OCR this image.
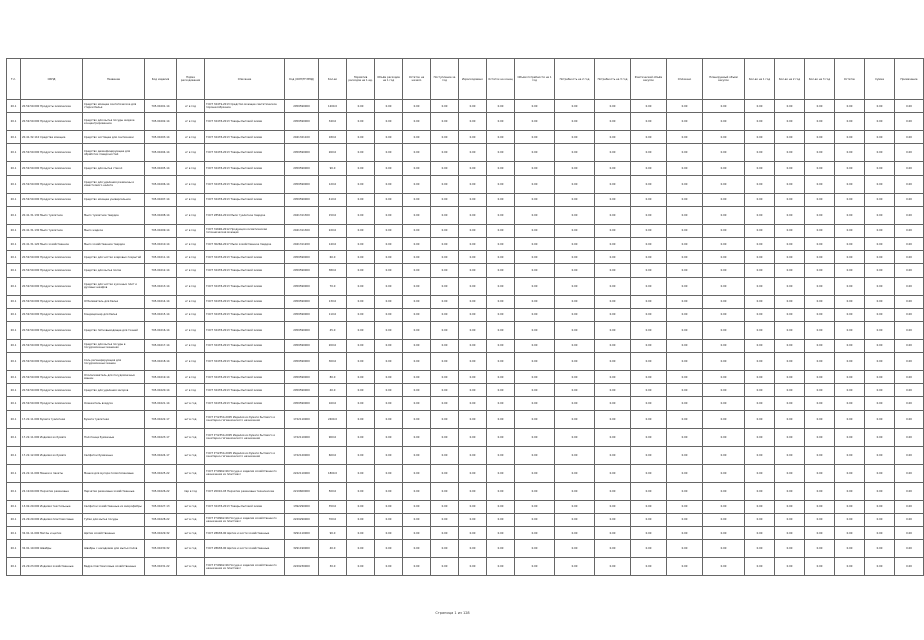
Т.п.	ОКПД	Название	Код изделия	Норма расходования	Описание	Код (ОКП/ТН ВЭД)	Кол-во	Норматив расходов на 1 ед.	Объём расходов на 1 год	Остаток на начало	Поступление за год	Израсходовано	Остаток на конец	Объём потребности на 1 год	Потребность на 2 год	Потребность на 3 год	Фактический объём закупок	Оплачено	Планируемый объём закупок	Кол-во на 1 год	Кол-во на 2 год	Кол-во на 3 год	Остаток	Сумма	Примечание
20.1	20.59.59.000 Продукты химические	Средство моющее синтетическое для стирки белья	705.01001.14	кг в год	ГОСТ 32479-2013 Средство моющее синтетическое порошкообразное	2059590000	1200.0	0.00	0.00	0.00	0.00	0.00	0.00	0.00	0.00	0.00	0.00	0.00	0.00	0.00	0.00	0.00	0.00	0.00	0.00
20.1	20.59.59.000 Продукты химические	Средство для мытья посуды жидкое концентрированное	705.01002.14	кг в год	ГОСТ 32478-2013 Товары бытовой химии	2059590000	340.0	0.00	0.00	0.00	0.00	0.00	0.00	0.00	0.00	0.00	0.00	0.00	0.00	0.00	0.00	0.00	0.00	0.00	0.00
20.1	20.41.32.110 Средства моющие	Средство чистящее для сантехники	705.01003.14	кг в год	ГОСТ 32478-2013 Товары бытовой химии	2041321100	180.0	0.00	0.00	0.00	0.00	0.00	0.00	0.00	0.00	0.00	0.00	0.00	0.00	0.00	0.00	0.00	0.00	0.00	0.00
20.1	20.59.59.000 Продукты химические	Средство дезинфицирующее для обработки поверхностей	705.01004.14	кг в год	ГОСТ 32478-2013 Товары бытовой химии	2059590000	260.0	0.00	0.00	0.00	0.00	0.00	0.00	0.00	0.00	0.00	0.00	0.00	0.00	0.00	0.00	0.00	0.00	0.00	0.00
20.1	20.59.59.000 Продукты химические	Средство для мытья стекол	705.01005.14	кг в год	ГОСТ 32478-2013 Товары бытовой химии	2059590000	90.0	0.00	0.00	0.00	0.00	0.00	0.00	0.00	0.00	0.00	0.00	0.00	0.00	0.00	0.00	0.00	0.00	0.00	0.00
20.1	20.59.59.000 Продукты химические	Средство для удаления ржавчины и известкового налета	705.01006.14	кг в год	ГОСТ 32478-2013 Товары бытовой химии	2059590000	120.0	0.00	0.00	0.00	0.00	0.00	0.00	0.00	0.00	0.00	0.00	0.00	0.00	0.00	0.00	0.00	0.00	0.00	0.00
20.1	20.59.59.000 Продукты химические	Средство моющее универсальное	705.01007.14	кг в год	ГОСТ 32478-2013 Товары бытовой химии	2059590000	410.0	0.00	0.00	0.00	0.00	0.00	0.00	0.00	0.00	0.00	0.00	0.00	0.00	0.00	0.00	0.00	0.00	0.00	0.00
20.1	20.41.31.130 Мыло туалетное	Мыло туалетное твердое	705.01008.14	кг в год	ГОСТ 28546-2014 Мыло туалетное твердое	2041311300	150.0	0.00	0.00	0.00	0.00	0.00	0.00	0.00	0.00	0.00	0.00	0.00	0.00	0.00	0.00	0.00	0.00	0.00	0.00
20.1	20.41.31.130 Мыло туалетное	Мыло жидкое	705.01009.14	кг в год	ГОСТ 31696-2012 Продукция косметическая гигиеническая моющая	2041311300	220.0	0.00	0.00	0.00	0.00	0.00	0.00	0.00	0.00	0.00	0.00	0.00	0.00	0.00	0.00	0.00	0.00	0.00	0.00
20.1	20.41.31.120 Мыло хозяйственное	Мыло хозяйственное твердое	705.01010.14	кг в год	ГОСТ 30266-2017 Мыло хозяйственное твердое	2041311200	140.0	0.00	0.00	0.00	0.00	0.00	0.00	0.00	0.00	0.00	0.00	0.00	0.00	0.00	0.00	0.00	0.00	0.00	0.00
20.1	20.59.59.000 Продукты химические	Средство для чистки ковровых покрытий	705.01011.14	кг в год	ГОСТ 32478-2013 Товары бытовой химии	2059590000	60.0	0.00	0.00	0.00	0.00	0.00	0.00	0.00	0.00	0.00	0.00	0.00	0.00	0.00	0.00	0.00	0.00	0.00	0.00
20.1	20.59.59.000 Продукты химические	Средство для мытья полов	705.01012.14	кг в год	ГОСТ 32478-2013 Товары бытовой химии	2059590000	380.0	0.00	0.00	0.00	0.00	0.00	0.00	0.00	0.00	0.00	0.00	0.00	0.00	0.00	0.00	0.00	0.00	0.00	0.00
20.1	20.59.59.000 Продукты химические	Средство для чистки кухонных плит и духовых шкафов	705.01013.14	кг в год	ГОСТ 32478-2013 Товары бытовой химии	2059590000	70.0	0.00	0.00	0.00	0.00	0.00	0.00	0.00	0.00	0.00	0.00	0.00	0.00	0.00	0.00	0.00	0.00	0.00	0.00
20.1	20.59.59.000 Продукты химические	Отбеливатель для белья	705.01014.14	кг в год	ГОСТ 32478-2013 Товары бытовой химии	2059590000	130.0	0.00	0.00	0.00	0.00	0.00	0.00	0.00	0.00	0.00	0.00	0.00	0.00	0.00	0.00	0.00	0.00	0.00	0.00
20.1	20.59.59.000 Продукты химические	Кондиционер для белья	705.01015.14	кг в год	ГОСТ 32478-2013 Товары бытовой химии	2059590000	110.0	0.00	0.00	0.00	0.00	0.00	0.00	0.00	0.00	0.00	0.00	0.00	0.00	0.00	0.00	0.00	0.00	0.00	0.00
20.1	20.59.59.000 Продукты химические	Средство пятновыводящее для тканей	705.01016.14	кг в год	ГОСТ 32478-2013 Товары бытовой химии	2059590000	45.0	0.00	0.00	0.00	0.00	0.00	0.00	0.00	0.00	0.00	0.00	0.00	0.00	0.00	0.00	0.00	0.00	0.00	0.00
20.1	20.59.59.000 Продукты химические	Средство для мытья посуды в посудомоечных машинах	705.01017.14	кг в год	ГОСТ 32478-2013 Товары бытовой химии	2059590000	200.0	0.00	0.00	0.00	0.00	0.00	0.00	0.00	0.00	0.00	0.00	0.00	0.00	0.00	0.00	0.00	0.00	0.00	0.00
20.1	20.59.59.000 Продукты химические	Соль регенерирующая для посудомоечных машин	705.01018.14	кг в год	ГОСТ 32478-2013 Товары бытовой химии	2059590000	300.0	0.00	0.00	0.00	0.00	0.00	0.00	0.00	0.00	0.00	0.00	0.00	0.00	0.00	0.00	0.00	0.00	0.00	0.00
20.1	20.59.59.000 Продукты химические	Ополаскиватель для посудомоечных машин	705.01019.14	кг в год	ГОСТ 32478-2013 Товары бытовой химии	2059590000	80.0	0.00	0.00	0.00	0.00	0.00	0.00	0.00	0.00	0.00	0.00	0.00	0.00	0.00	0.00	0.00	0.00	0.00	0.00
20.1	20.59.59.000 Продукты химические	Средство для удаления засоров	705.01020.14	кг в год	ГОСТ 32478-2013 Товары бытовой химии	2059590000	40.0	0.00	0.00	0.00	0.00	0.00	0.00	0.00	0.00	0.00	0.00	0.00	0.00	0.00	0.00	0.00	0.00	0.00	0.00
20.1	20.59.59.000 Продукты химические	Освежитель воздуха	705.01021.14	шт в год	ГОСТ 32478-2013 Товары бытовой химии	2059590000	160.0	0.00	0.00	0.00	0.00	0.00	0.00	0.00	0.00	0.00	0.00	0.00	0.00	0.00	0.00	0.00	0.00	0.00	0.00
20.1	17.22.11.000 Бумага туалетная	Бумага туалетная	705.01022.17	шт в год	ГОСТ Р 52354-2005 Изделия из бумаги бытового и санитарно-гигиенического назначения	1722110000	2400.0	0.00	0.00	0.00	0.00	0.00	0.00	0.00	0.00	0.00	0.00	0.00	0.00	0.00	0.00	0.00	0.00	0.00	0.00
20.1	17.22.11.000 Изделия из бумаги	Полотенца бумажные	705.01023.17	шт в год	ГОСТ Р 52354-2005 Изделия из бумаги бытового и санитарно-гигиенического назначения	1722110000	900.0	0.00	0.00	0.00	0.00	0.00	0.00	0.00	0.00	0.00	0.00	0.00	0.00	0.00	0.00	0.00	0.00	0.00	0.00
20.1	17.22.12.000 Изделия из бумаги	Салфетки бумажные	705.01024.17	шт в год	ГОСТ Р 52354-2005 Изделия из бумаги бытового и санитарно-гигиенического назначения	1722120000	600.0	0.00	0.00	0.00	0.00	0.00	0.00	0.00	0.00	0.00	0.00	0.00	0.00	0.00	0.00	0.00	0.00	0.00	0.00
20.1	22.22.11.000 Мешки и пакеты	Мешки для мусора полиэтиленовые	705.01025.22	шт в год	ГОСТ Р 50962-96 Посуда и изделия хозяйственного назначения из пластмасс	2222110000	1800.0	0.00	0.00	0.00	0.00	0.00	0.00	0.00	0.00	0.00	0.00	0.00	0.00	0.00	0.00	0.00	0.00	0.00	0.00
20.1	22.19.60.000 Перчатки резиновые	Перчатки резиновые хозяйственные	705.01026.22	пар в год	ГОСТ 20010-93 Перчатки резиновые технические	2219600000	500.0	0.00	0.00	0.00	0.00	0.00	0.00	0.00	0.00	0.00	0.00	0.00	0.00	0.00	0.00	0.00	0.00	0.00	0.00
20.1	13.92.29.000 Изделия текстильные	Салфетки хозяйственные из микрофибры	705.01027.13	шт в год	ГОСТ 32478-2013 Товары бытовой химии	1392290000	350.0	0.00	0.00	0.00	0.00	0.00	0.00	0.00	0.00	0.00	0.00	0.00	0.00	0.00	0.00	0.00	0.00	0.00	0.00
20.1	22.29.29.000 Изделия пластмассовые	Губки для мытья посуды	705.01028.22	шт в год	ГОСТ Р 50962-96 Посуда и изделия хозяйственного назначения из пластмасс	2229290000	700.0	0.00	0.00	0.00	0.00	0.00	0.00	0.00	0.00	0.00	0.00	0.00	0.00	0.00	0.00	0.00	0.00	0.00	0.00
20.1	32.91.11.000 Метлы и щетки	Щетки хозяйственные	705.01029.32	шт в год	ГОСТ 28638-90 Щетки и кисти хозяйственные	3291110000	90.0	0.00	0.00	0.00	0.00	0.00	0.00	0.00	0.00	0.00	0.00	0.00	0.00	0.00	0.00	0.00	0.00	0.00	0.00
20.1	32.91.19.000 Швабры	Швабры с насадками для мытья полов	705.01030.32	шт в год	ГОСТ 28638-90 Щетки и кисти хозяйственные	3291190000	40.0	0.00	0.00	0.00	0.00	0.00	0.00	0.00	0.00	0.00	0.00	0.00	0.00	0.00	0.00	0.00	0.00	0.00	0.00
20.1	22.29.23.000 Изделия хозяйственные	Ведра пластмассовые хозяйственные	705.01031.22	шт в год	ГОСТ Р 50962-96 Посуда и изделия хозяйственного назначения из пластмасс	2229230000	30.0	0.00	0.00	0.00	0.00	0.00	0.00	0.00	0.00	0.00	0.00	0.00	0.00	0.00	0.00	0.00	0.00	0.00	0.00
Страница 1 из 128
